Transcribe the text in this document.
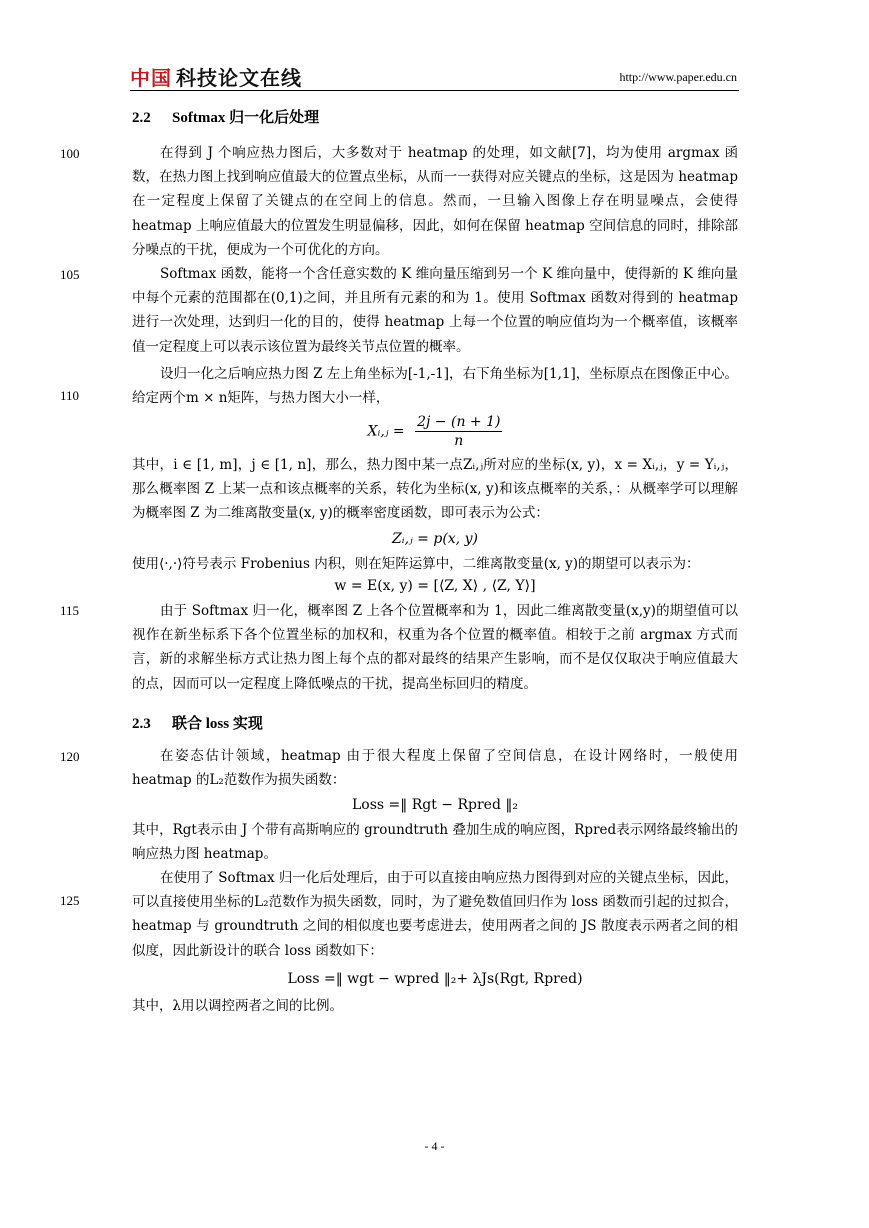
中国 科技论文在线	http://www.paper.edu.cn
2.2 Softmax 归一化后处理
100
105
110
115
120
125

在得到 J 个响应热力图后，大多数对于 heatmap 的处理，如文献[7]，均为使用 argmax 函数，在热力图上找到响应值最大的位置点坐标，从而一一获得对应关键点的坐标，这是因为 heatmap 在一定程度上保留了关键点的在空间上的信息。然而，一旦输入图像上存在明显噪点，会使得 heatmap 上响应值最大的位置发生明显偏移，因此，如何在保留 heatmap 空间信息的同时，排除部分噪点的干扰，便成为一个可优化的方向。

Softmax 函数，能将一个含任意实数的 K 维向量压缩到另一个 K 维向量中，使得新的 K 维向量中每个元素的范围都在(0,1)之间，并且所有元素的和为 1。使用 Softmax 函数对得到的 heatmap 进行一次处理，达到归一化的目的，使得 heatmap 上每一个位置的响应值均为一个概率值，该概率值一定程度上可以表示该位置为最终关节点位置的概率。

设归一化之后响应热力图 Z 左上角坐标为[-1,-1]，右下角坐标为[1,1]，坐标原点在图像正中心。给定两个m × n矩阵，与热力图大小一样，

Xᵢ,ⱼ = $\frac{2j - (n + 1)}{n}$

其中，i ∈ [1, m]，j ∈ [1, n]，那么，热力图中某一点Zᵢ,ⱼ所对应的坐标(x, y)，x = Xᵢ,ⱼ，y = Yᵢ,ⱼ，那么概率图 Z 上某一点和该点概率的关系，转化为坐标(x, y)和该点概率的关系，：从概率学可以理解为概率图 Z 为二维离散变量(x, y)的概率密度函数，即可表示为公式：

Zᵢ,ⱼ = p(x, y)

使用⟨·,·⟩符号表示 Frobenius 内积，则在矩阵运算中，二维离散变量(x, y)的期望可以表示为：

w = E(x, y) = [⟨Z, X⟩ , ⟨Z, Y⟩]

由于 Softmax 归一化，概率图 Z 上各个位置概率和为 1，因此二维离散变量(x,y)的期望值可以视作在新坐标系下各个位置坐标的加权和，权重为各个位置的概率值。相较于之前 argmax 方式而言，新的求解坐标方式让热力图上每个点的都对最终的结果产生影响，而不是仅仅取决于响应值最大的点，因而可以一定程度上降低噪点的干扰，提高坐标回归的精度。

2.3 联合 loss 实现

在姿态估计领域，heatmap 由于很大程度上保留了空间信息，在设计网络时，一般使用 heatmap 的L₂范数作为损失函数：

Loss =‖ Rgt − Rpred ‖₂

其中，Rgt表示由 J 个带有高斯响应的 groundtruth 叠加生成的响应图，Rpred表示网络最终输出的响应热力图 heatmap。

在使用了 Softmax 归一化后处理后，由于可以直接由响应热力图得到对应的关键点坐标，因此，可以直接使用坐标的L₂范数作为损失函数，同时，为了避免数值回归作为 loss 函数而引起的过拟合，heatmap 与 groundtruth 之间的相似度也要考虑进去，使用两者之间的 JS 散度表示两者之间的相似度，因此新设计的联合 loss 函数如下：

Loss =‖ wgt − wpred ‖₂+ λJs(Rgt, Rpred)

其中，λ用以调控两者之间的比例。

- 4 -
